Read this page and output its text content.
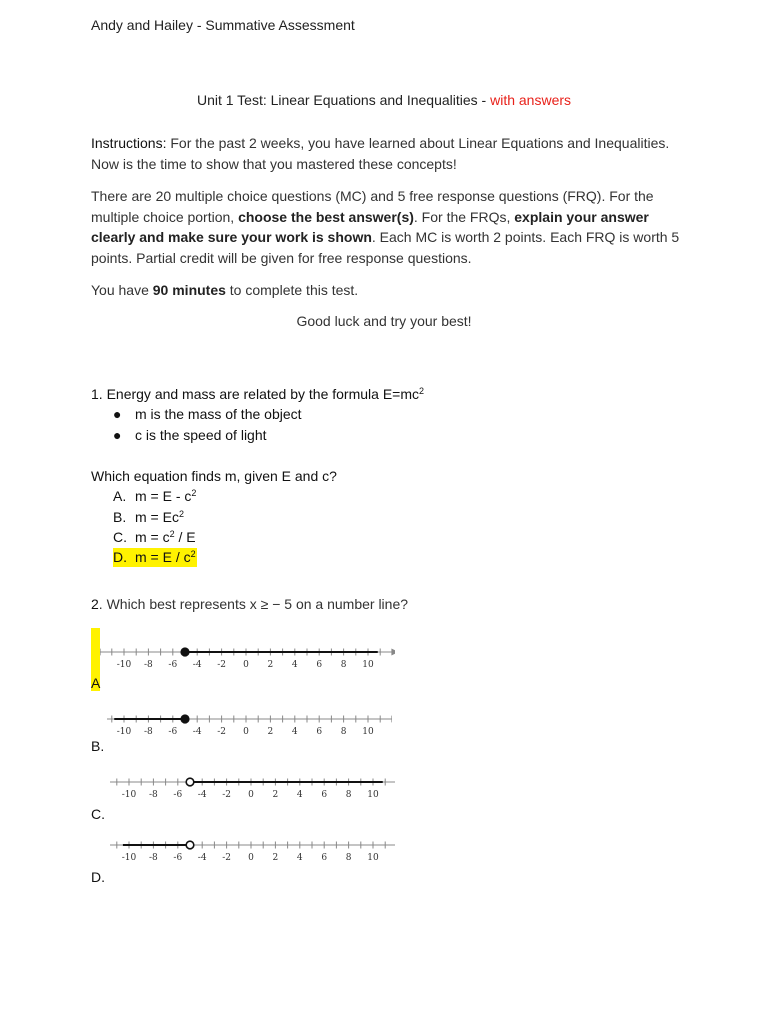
Andy and Hailey - Summative Assessment
Unit 1 Test: Linear Equations and Inequalities - with answers
Instructions: For the past 2 weeks, you have learned about Linear Equations and Inequalities. Now is the time to show that you mastered these concepts!
There are 20 multiple choice questions (MC) and 5 free response questions (FRQ). For the multiple choice portion, choose the best answer(s). For the FRQs, explain your answer clearly and make sure your work is shown. Each MC is worth 2 points. Each FRQ is worth 5 points. Partial credit will be given for free response questions.
You have 90 minutes to complete this test.
Good luck and try your best!
1. Energy and mass are related by the formula $E=mc^2$
● m is the mass of the object
● c is the speed of light
Which equation finds m, given E and c?
A. $m = E - c^2$
B. $m = Ec^2$
C. $m = c^2 / E$
D. $m = E / c^2$
2. Which best represents x ≥ − 5 on a number line?
-10 -8 -6 -4 -2 0 2 4 6 8 10
A
-10 -8 -6 -4 -2 0 2 4 6 8 10
B.
-10 -8 -6 -4 -2 0 2 4 6 8 10
C.
-10 -8 -6 -4 -2 0 2 4 6 8 10
D.
